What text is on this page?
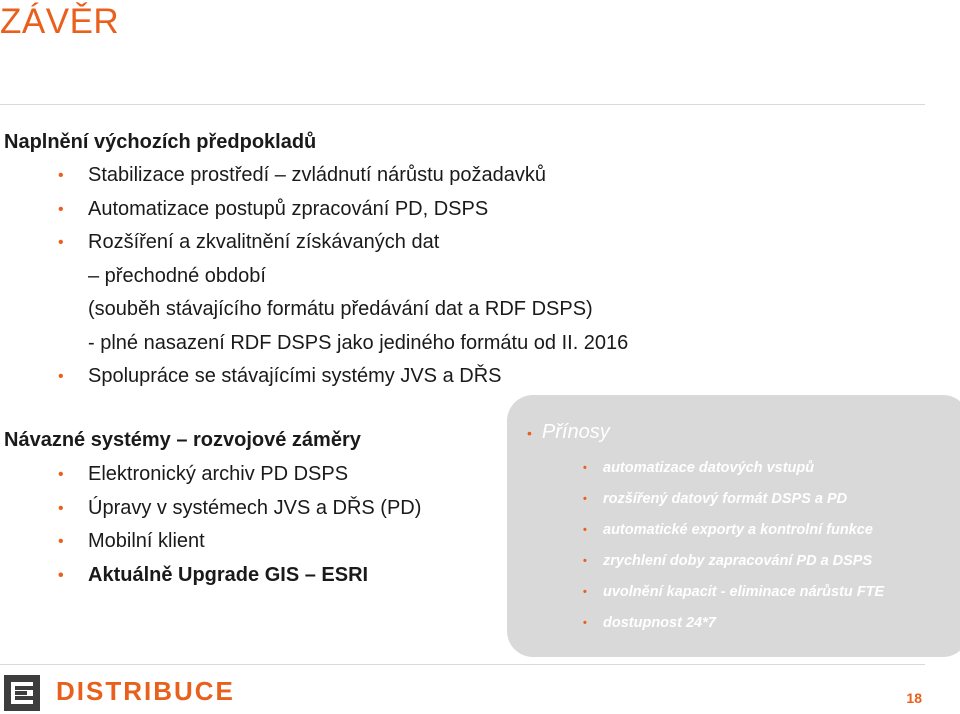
ZÁVĚR
Naplnění výchozích předpokladů
• Stabilizace prostředí – zvládnutí nárůstu požadavků
• Automatizace postupů zpracování PD, DSPS
• Rozšíření a zkvalitnění získávaných dat
– přechodné období
(souběh stávajícího formátu předávání dat a RDF DSPS)
- plné nasazení RDF DSPS jako jediného formátu od II. 2016
• Spolupráce se stávajícími systémy JVS a DŘS
Návazné systémy – rozvojové záměry
• Elektronický archiv PD DSPS
• Úpravy v systémech JVS a DŘS (PD)
• Mobilní klient
• Aktuálně Upgrade GIS – ESRI
• Přínosy
• automatizace datových vstupů
• rozšířený datový formát DSPS a PD
• automatické exporty a kontrolní funkce
• zrychlení doby zapracování PD a DSPS
• uvolnění kapacit - eliminace nárůstu FTE
• dostupnost 24*7
DISTRIBUCE	18
